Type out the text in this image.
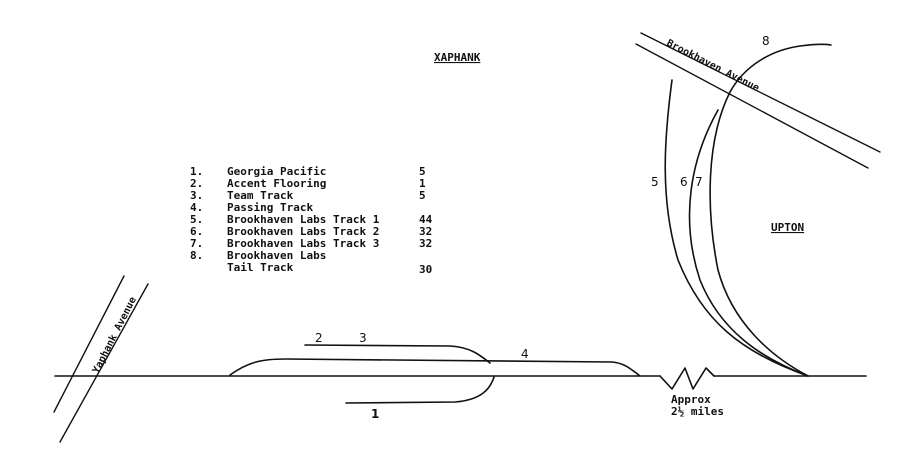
XAPHANK
UPTON
Brookhaven Avenue
Yaphank Avenue	2	3
4
1
5 6 7
8
Approx
2½ miles
1. Georgia Pacific	5
2. Accent Flooring	1
3. Team Track	5
4. Passing Track
5. Brookhaven Labs Track 1	44
6. Brookhaven Labs Track 2	32
7. Brookhaven Labs Track 3	32
8. Brookhaven Labs
Tail Track	30
